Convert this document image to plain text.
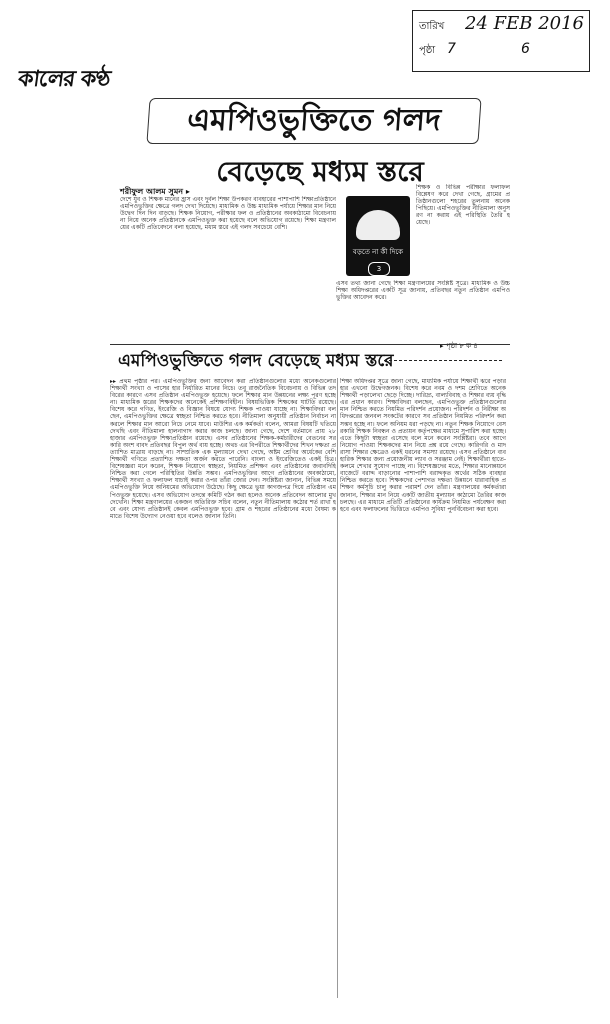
কালের কণ্ঠ
তারিখ 24 FEB 2016
পৃষ্ঠা 7	6
এমপিওভুক্তিতে গলদ
বেড়েছে মধ্যম স্তরে
শরীফুল আলম সুমন ▸
দেশে যুব ও শিক্ষক মানের হ্রাস এবং দুর্বল শিক্ষা উপকরণ ব্যবহারের পাশাপাশি শিক্ষাপ্রতিষ্ঠানে এমপিওভুক্তির ক্ষেত্রে গলদ দেখা দিয়েছে। মাধ্যমিক ও উচ্চ মাধ্যমিক পর্যায়ে শিক্ষার মান নিয়ে উদ্বেগ দিন দিন বাড়ছে। শিক্ষক নিয়োগ, পরীক্ষার ফল ও প্রতিষ্ঠানের অবকাঠামো বিবেচনায় না নিয়ে অনেক প্রতিষ্ঠানকে এমপিওভুক্ত করা হয়েছে বলে অভিযোগ রয়েছে। শিক্ষা মন্ত্রণালয়ের একটি প্রতিবেদনে বলা হয়েছে, মধ্যম স্তরে এই গলদ সবচেয়ে বেশি।
বড়তে না কী দিকে
3
শিক্ষক ও বিভিন্ন পরীক্ষার ফলাফল বিশ্লেষণ করে দেখা গেছে, গ্রামের প্রতিষ্ঠানগুলো শহরের তুলনায় অনেক পিছিয়ে। এমপিওভুক্তির নীতিমালা অনুসরণ না করায় এই পরিস্থিতি তৈরি হয়েছে।
এসব তথ্য জানা গেছে শিক্ষা মন্ত্রণালয়ের সংশ্লিষ্ট সূত্রে। মাধ্যমিক ও উচ্চশিক্ষা অধিদপ্তরের একটি সূত্র জানায়, প্রতিবছর নতুন প্রতিষ্ঠান এমপিওভুক্তির আবেদন করে।
▸ পৃষ্ঠা ৮ ক ৪
এমপিওভুক্তিতে গলদ বেড়েছে মধ্যম স্তরে
▸▸ প্রথম পৃষ্ঠার পর। এমপিওভুক্তির জন্য আবেদন করা প্রতিষ্ঠানগুলোর মধ্যে অনেকগুলোর শিক্ষার্থী সংখ্যা ও পাসের হার নির্ধারিত মানের নিচে। তবু রাজনৈতিক বিবেচনায় ও বিভিন্ন তদবিরের কারণে এসব প্রতিষ্ঠান এমপিওভুক্ত হয়েছে। ফলে শিক্ষার মান উন্নয়নের লক্ষ্য পূরণ হচ্ছে না। মাধ্যমিক স্তরের শিক্ষকদের অনেকেই প্রশিক্ষণবিহীন। বিষয়ভিত্তিক শিক্ষকের ঘাটতি রয়েছে। বিশেষ করে গণিত, ইংরেজি ও বিজ্ঞান বিষয়ে যোগ্য শিক্ষক পাওয়া যাচ্ছে না। শিক্ষাবিদরা বলছেন, এমপিওভুক্তির ক্ষেত্রে স্বচ্ছতা নিশ্চিত করতে হবে। নীতিমালা অনুযায়ী প্রতিষ্ঠান নির্বাচন না করলে শিক্ষার মান আরো নিচে নেমে যাবে। মাউশির এক কর্মকর্তা বলেন, আমরা বিষয়টি খতিয়ে দেখছি এবং নীতিমালা হালনাগাদ করার কাজ চলছে। জানা গেছে, দেশে বর্তমানে প্রায় ২৮ হাজার এমপিওভুক্ত শিক্ষাপ্রতিষ্ঠান রয়েছে। এসব প্রতিষ্ঠানের শিক্ষক-কর্মচারীদের বেতনের সরকারি অংশ বাবদ প্রতিবছর বিপুল অর্থ ব্যয় হচ্ছে। অথচ এর বিপরীতে শিক্ষার্থীদের শিখন দক্ষতা প্রত্যাশিত মাত্রায় বাড়ছে না। সাম্প্রতিক এক মূল্যায়নে দেখা গেছে, অষ্টম শ্রেণির অর্ধেকের বেশি শিক্ষার্থী গণিতে প্রত্যাশিত দক্ষতা অর্জন করতে পারেনি। বাংলা ও ইংরেজিতেও একই চিত্র। বিশেষজ্ঞরা মনে করেন, শিক্ষক নিয়োগে স্বচ্ছতা, নিয়মিত প্রশিক্ষণ এবং প্রতিষ্ঠানের জবাবদিহি নিশ্চিত করা গেলে পরিস্থিতির উন্নতি সম্ভব। এমপিওভুক্তির আগে প্রতিষ্ঠানের অবকাঠামো, শিক্ষার্থী সংখ্যা ও ফলাফল যাচাই করার ওপর তাঁরা জোর দেন। সংশ্লিষ্টরা জানান, বিভিন্ন সময়ে এমপিওভুক্তি নিয়ে অনিয়মের অভিযোগ উঠেছে। কিছু ক্ষেত্রে ভুয়া কাগজপত্র দিয়ে প্রতিষ্ঠান এমপিওভুক্ত হয়েছে। এসব অভিযোগ তদন্তে কমিটি গঠন করা হলেও অনেক প্রতিবেদন আলোর মুখ দেখেনি। শিক্ষা মন্ত্রণালয়ের একজন অতিরিক্ত সচিব বলেন, নতুন নীতিমালায় কঠোর শর্ত রাখা হবে এবং যোগ্য প্রতিষ্ঠানই কেবল এমপিওভুক্ত হবে। গ্রাম ও শহরের প্রতিষ্ঠানের মধ্যে বৈষম্য কমাতে বিশেষ উদ্যোগ নেওয়া হবে বলেও জানান তিনি।
শিক্ষা অধিদপ্তর সূত্রে জানা গেছে, মাধ্যমিক পর্যায়ে শিক্ষার্থী ঝরে পড়ার হার এখনো উদ্বেগজনক। বিশেষ করে নবম ও দশম শ্রেণিতে অনেক শিক্ষার্থী পড়ালেখা ছেড়ে দিচ্ছে। দারিদ্র্য, বাল্যবিবাহ ও শিক্ষার ব্যয় বৃদ্ধি এর প্রধান কারণ। শিক্ষাবিদরা বলছেন, এমপিওভুক্ত প্রতিষ্ঠানগুলোর মান নিশ্চিত করতে নিয়মিত পরিদর্শন প্রয়োজন। পরিদর্শন ও নিরীক্ষা অধিদপ্তরের জনবল সংকটের কারণে সব প্রতিষ্ঠান নিয়মিত পরিদর্শন করা সম্ভব হচ্ছে না। ফলে অনিয়ম ধরা পড়ছে না। নতুন শিক্ষক নিয়োগে বেসরকারি শিক্ষক নিবন্ধন ও প্রত্যয়ন কর্তৃপক্ষের মাধ্যমে সুপারিশ করা হচ্ছে। এতে কিছুটা স্বচ্ছতা এসেছে বলে মনে করেন সংশ্লিষ্টরা। তবে আগে নিয়োগ পাওয়া শিক্ষকদের মান নিয়ে প্রশ্ন রয়ে গেছে। কারিগরি ও মাদরাসা শিক্ষার ক্ষেত্রেও একই ধরনের সমস্যা রয়েছে। এসব প্রতিষ্ঠানে ব্যবহারিক শিক্ষার জন্য প্রয়োজনীয় ল্যাব ও সরঞ্জাম নেই। শিক্ষার্থীরা হাতে-কলমে শেখার সুযোগ পাচ্ছে না। বিশেষজ্ঞদের মতে, শিক্ষার মানোন্নয়নে বাজেটে বরাদ্দ বাড়ানোর পাশাপাশি বরাদ্দকৃত অর্থের সঠিক ব্যবহার নিশ্চিত করতে হবে। শিক্ষকদের পেশাগত দক্ষতা উন্নয়নে ধারাবাহিক প্রশিক্ষণ কর্মসূচি চালু করার পরামর্শ দেন তাঁরা। মন্ত্রণালয়ের কর্মকর্তারা জানান, শিক্ষার মান নিয়ে একটি জাতীয় মূল্যায়ন কাঠামো তৈরির কাজ চলছে। এর মাধ্যমে প্রতিটি প্রতিষ্ঠানের কার্যক্রম নিয়মিত পর্যবেক্ষণ করা হবে এবং ফলাফলের ভিত্তিতে এমপিও সুবিধা পুনর্বিবেচনা করা হবে।
